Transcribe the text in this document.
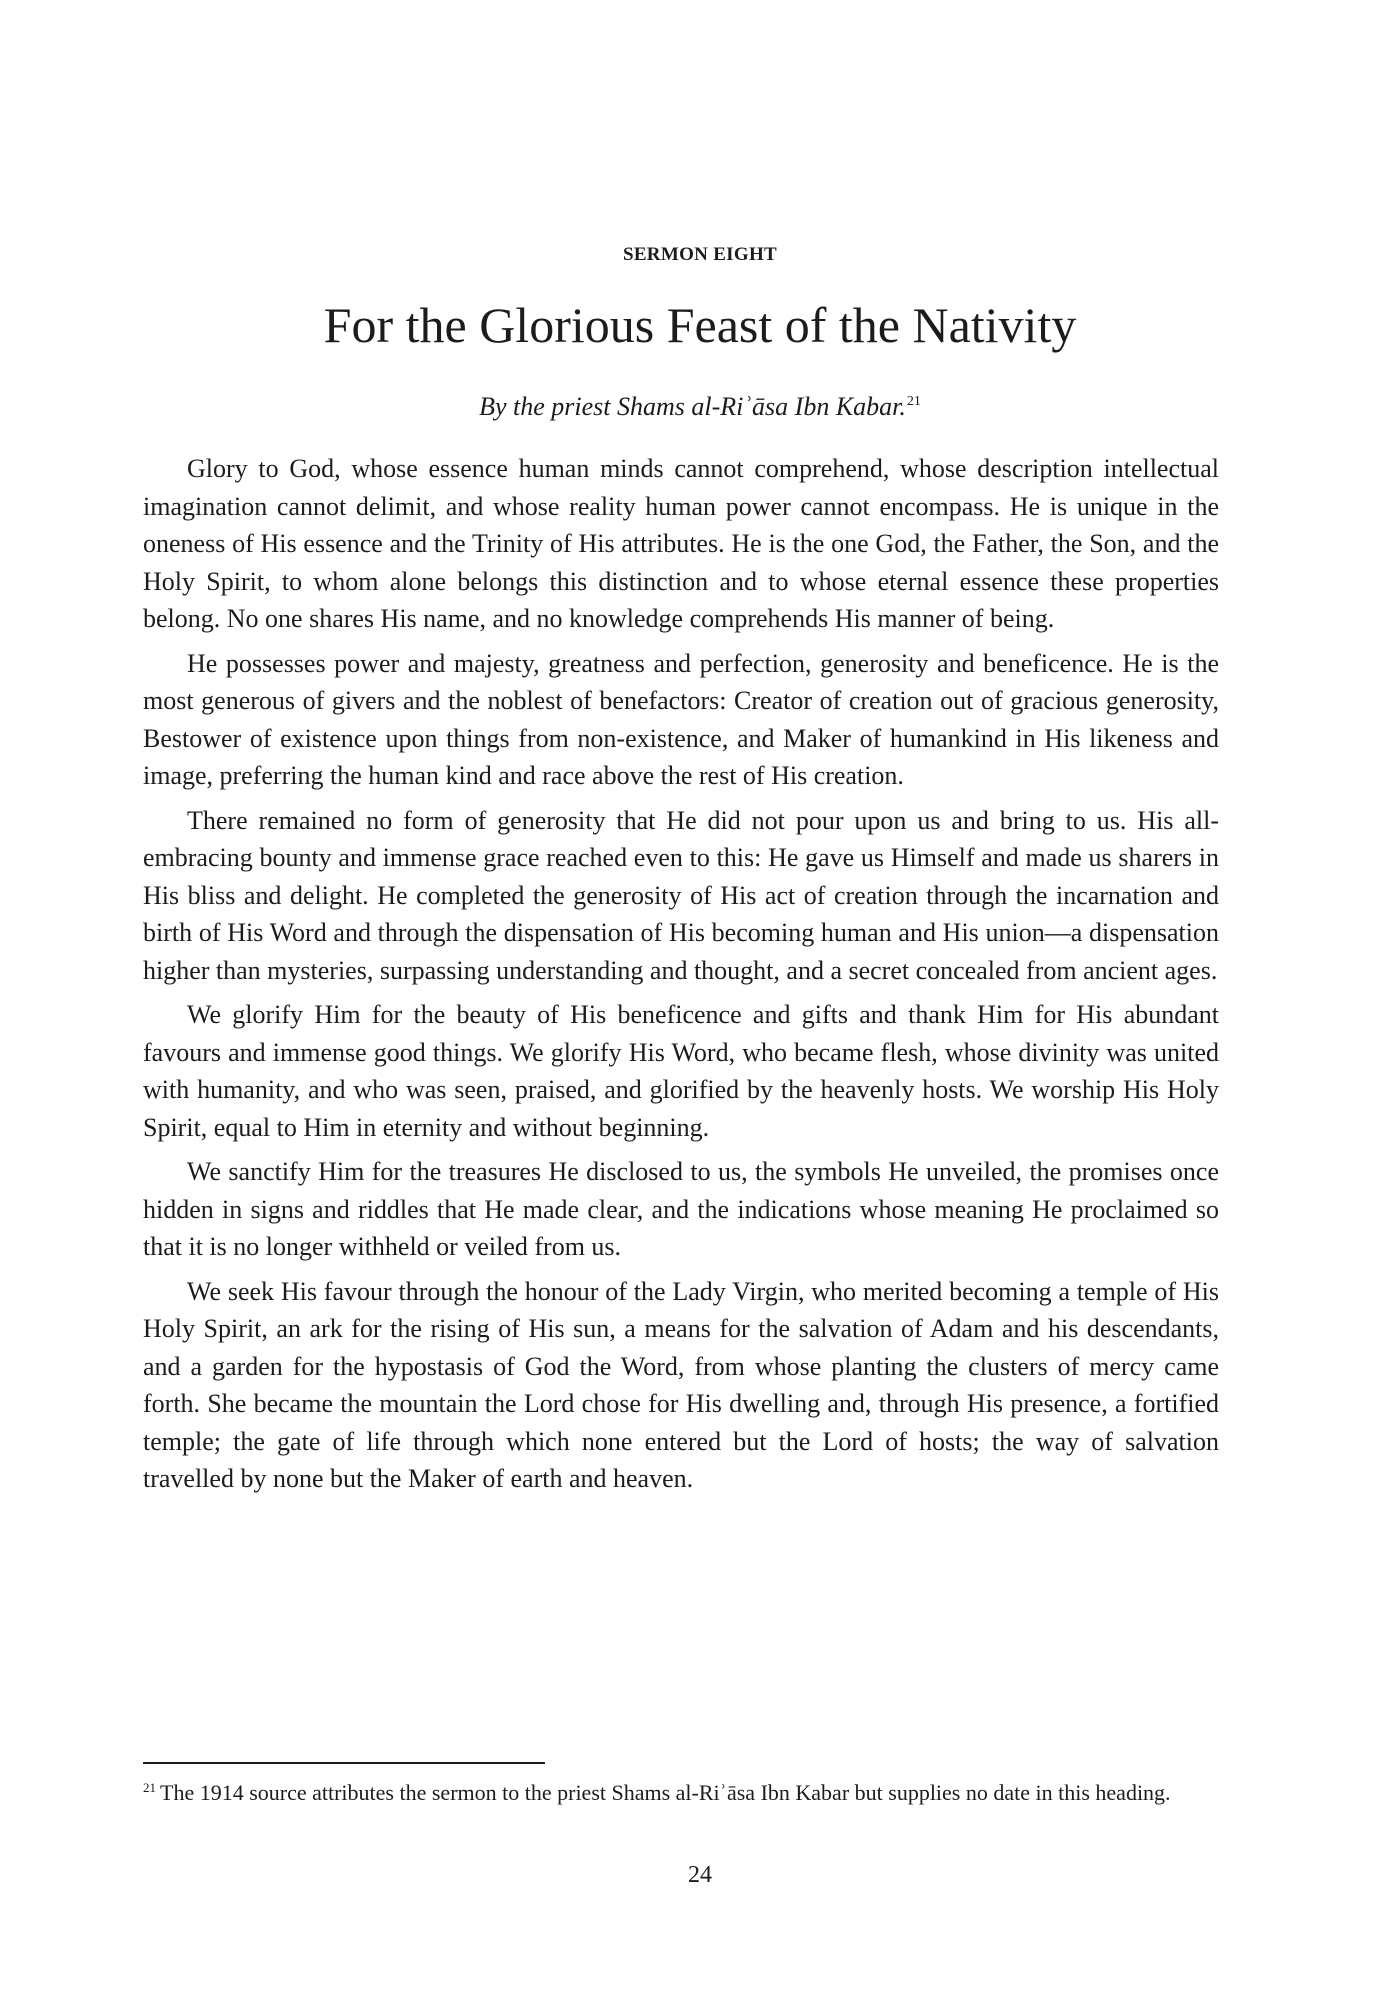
SERMON EIGHT
For the Glorious Feast of the Nativity
By the priest Shams al-Riʾāsa Ibn Kabar.$^{21}$

Glory to God, whose essence human minds cannot comprehend, whose description intellectual imagination cannot delimit, and whose reality human power cannot encompass. He is unique in the oneness of His essence and the Trinity of His attributes. He is the one God, the Father, the Son, and the Holy Spirit, to whom alone belongs this distinction and to whose eternal essence these properties belong. No one shares His name, and no knowledge comprehends His manner of being.

He possesses power and majesty, greatness and perfection, generosity and beneficence. He is the most generous of givers and the noblest of benefactors: Creator of creation out of gracious generosity, Bestower of existence upon things from non-existence, and Maker of humankind in His likeness and image, preferring the human kind and race above the rest of His creation.

There remained no form of generosity that He did not pour upon us and bring to us. His all-embracing bounty and immense grace reached even to this: He gave us Himself and made us sharers in His bliss and delight. He completed the generosity of His act of creation through the incarnation and birth of His Word and through the dispensation of His becoming human and His union—a dispensation higher than mysteries, surpassing understanding and thought, and a secret concealed from ancient ages.

We glorify Him for the beauty of His beneficence and gifts and thank Him for His abundant favours and immense good things. We glorify His Word, who became flesh, whose divinity was united with humanity, and who was seen, praised, and glorified by the heavenly hosts. We worship His Holy Spirit, equal to Him in eternity and without beginning.

We sanctify Him for the treasures He disclosed to us, the symbols He unveiled, the promises once hidden in signs and riddles that He made clear, and the indications whose meaning He proclaimed so that it is no longer withheld or veiled from us.

We seek His favour through the honour of the Lady Virgin, who merited becoming a temple of His Holy Spirit, an ark for the rising of His sun, a means for the salvation of Adam and his descendants, and a garden for the hypostasis of God the Word, from whose planting the clusters of mercy came forth. She became the mountain the Lord chose for His dwelling and, through His presence, a fortified temple; the gate of life through which none entered but the Lord of hosts; the way of salvation travelled by none but the Maker of earth and heaven.

$^{21}$ The 1914 source attributes the sermon to the priest Shams al-Riʾāsa Ibn Kabar but supplies no date in this heading.

24
